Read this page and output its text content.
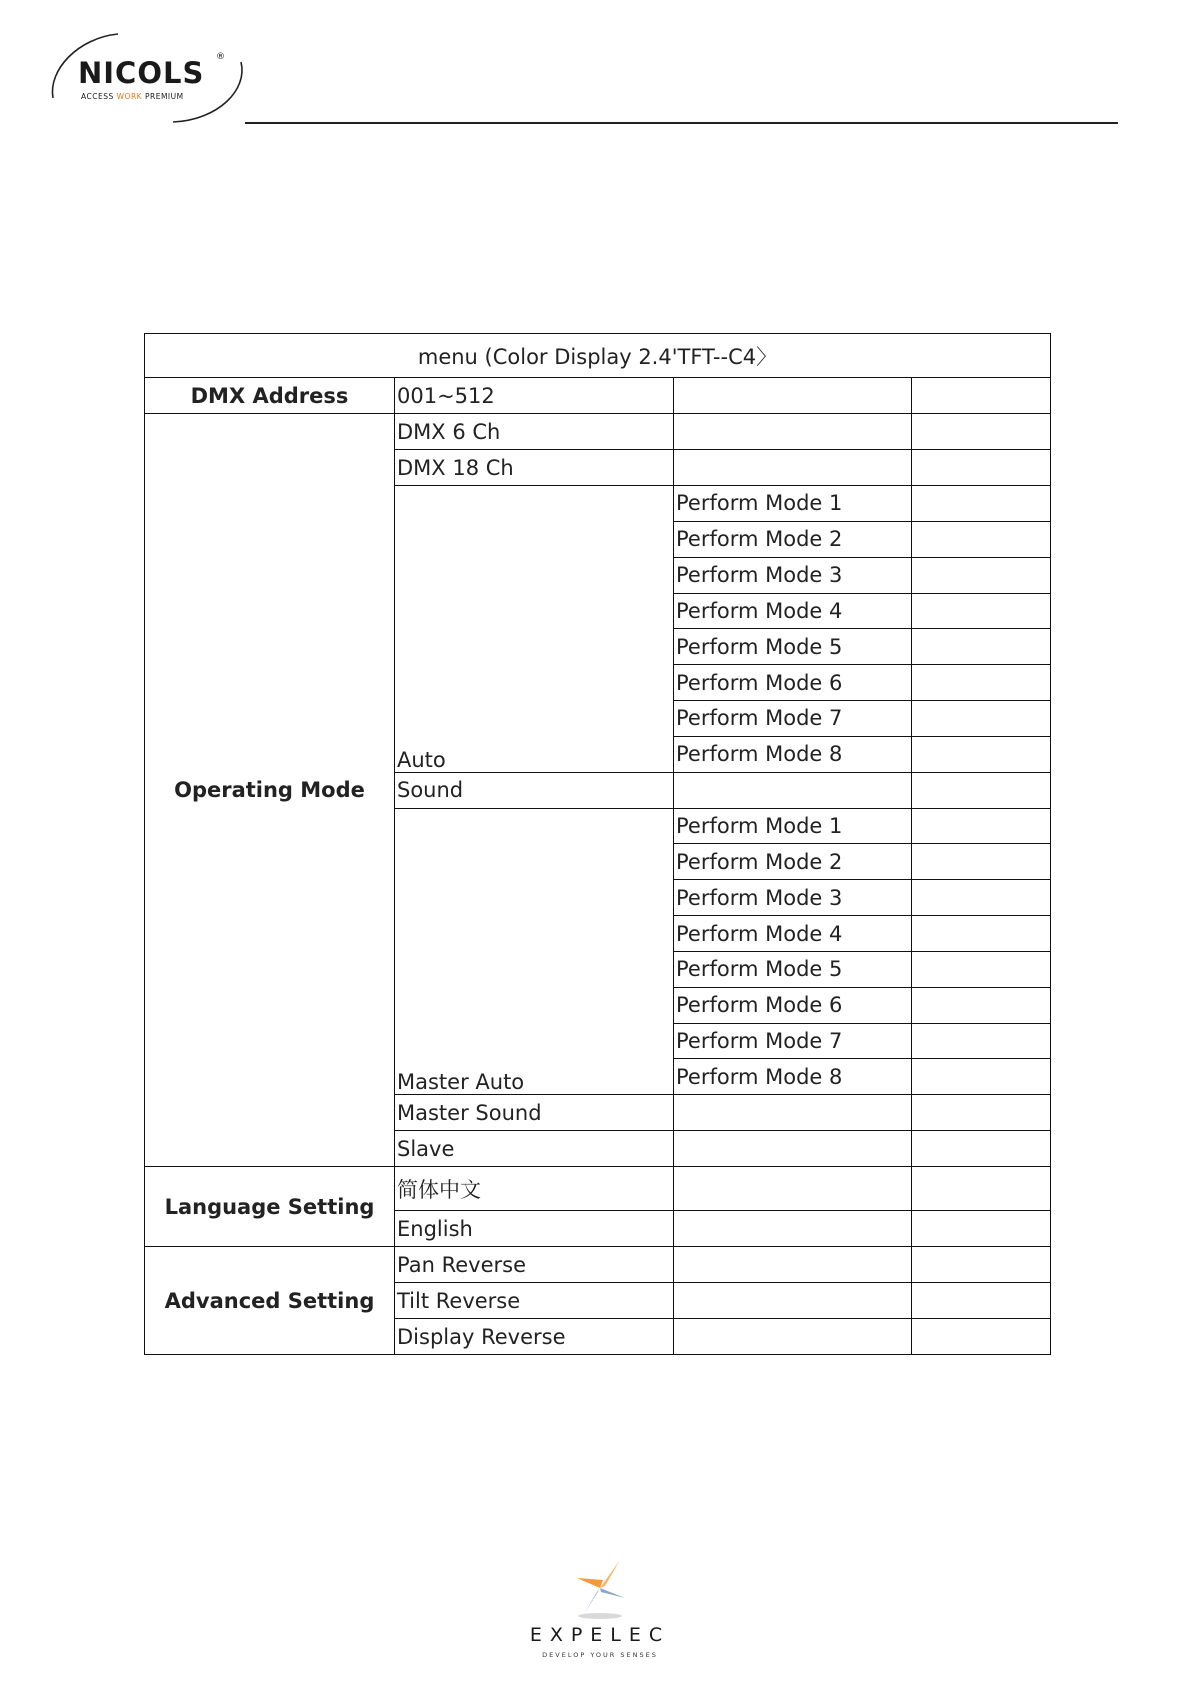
NICOLS ®
ACCESS WORK PREMIUM
menu (Color Display 2.4'TFT--C4〉			
DMX Address	001~512		
Operating Mode	DMX 6 Ch		
	DMX 18 Ch		
	Auto	Perform Mode 1	
		Perform Mode 2	
		Perform Mode 3	
		Perform Mode 4	
		Perform Mode 5	
		Perform Mode 6	
		Perform Mode 7	
		Perform Mode 8	
	Sound		
	Master Auto	Perform Mode 1	
		Perform Mode 2	
		Perform Mode 3	
		Perform Mode 4	
		Perform Mode 5	
		Perform Mode 6	
		Perform Mode 7	
		Perform Mode 8	
	Master Sound		
	Slave		
Language Setting	简体中文		
	English		
Advanced Setting	Pan Reverse		
	Tilt Reverse		
	Display Reverse		
EXPELEC
DEVELOP YOUR SENSES
